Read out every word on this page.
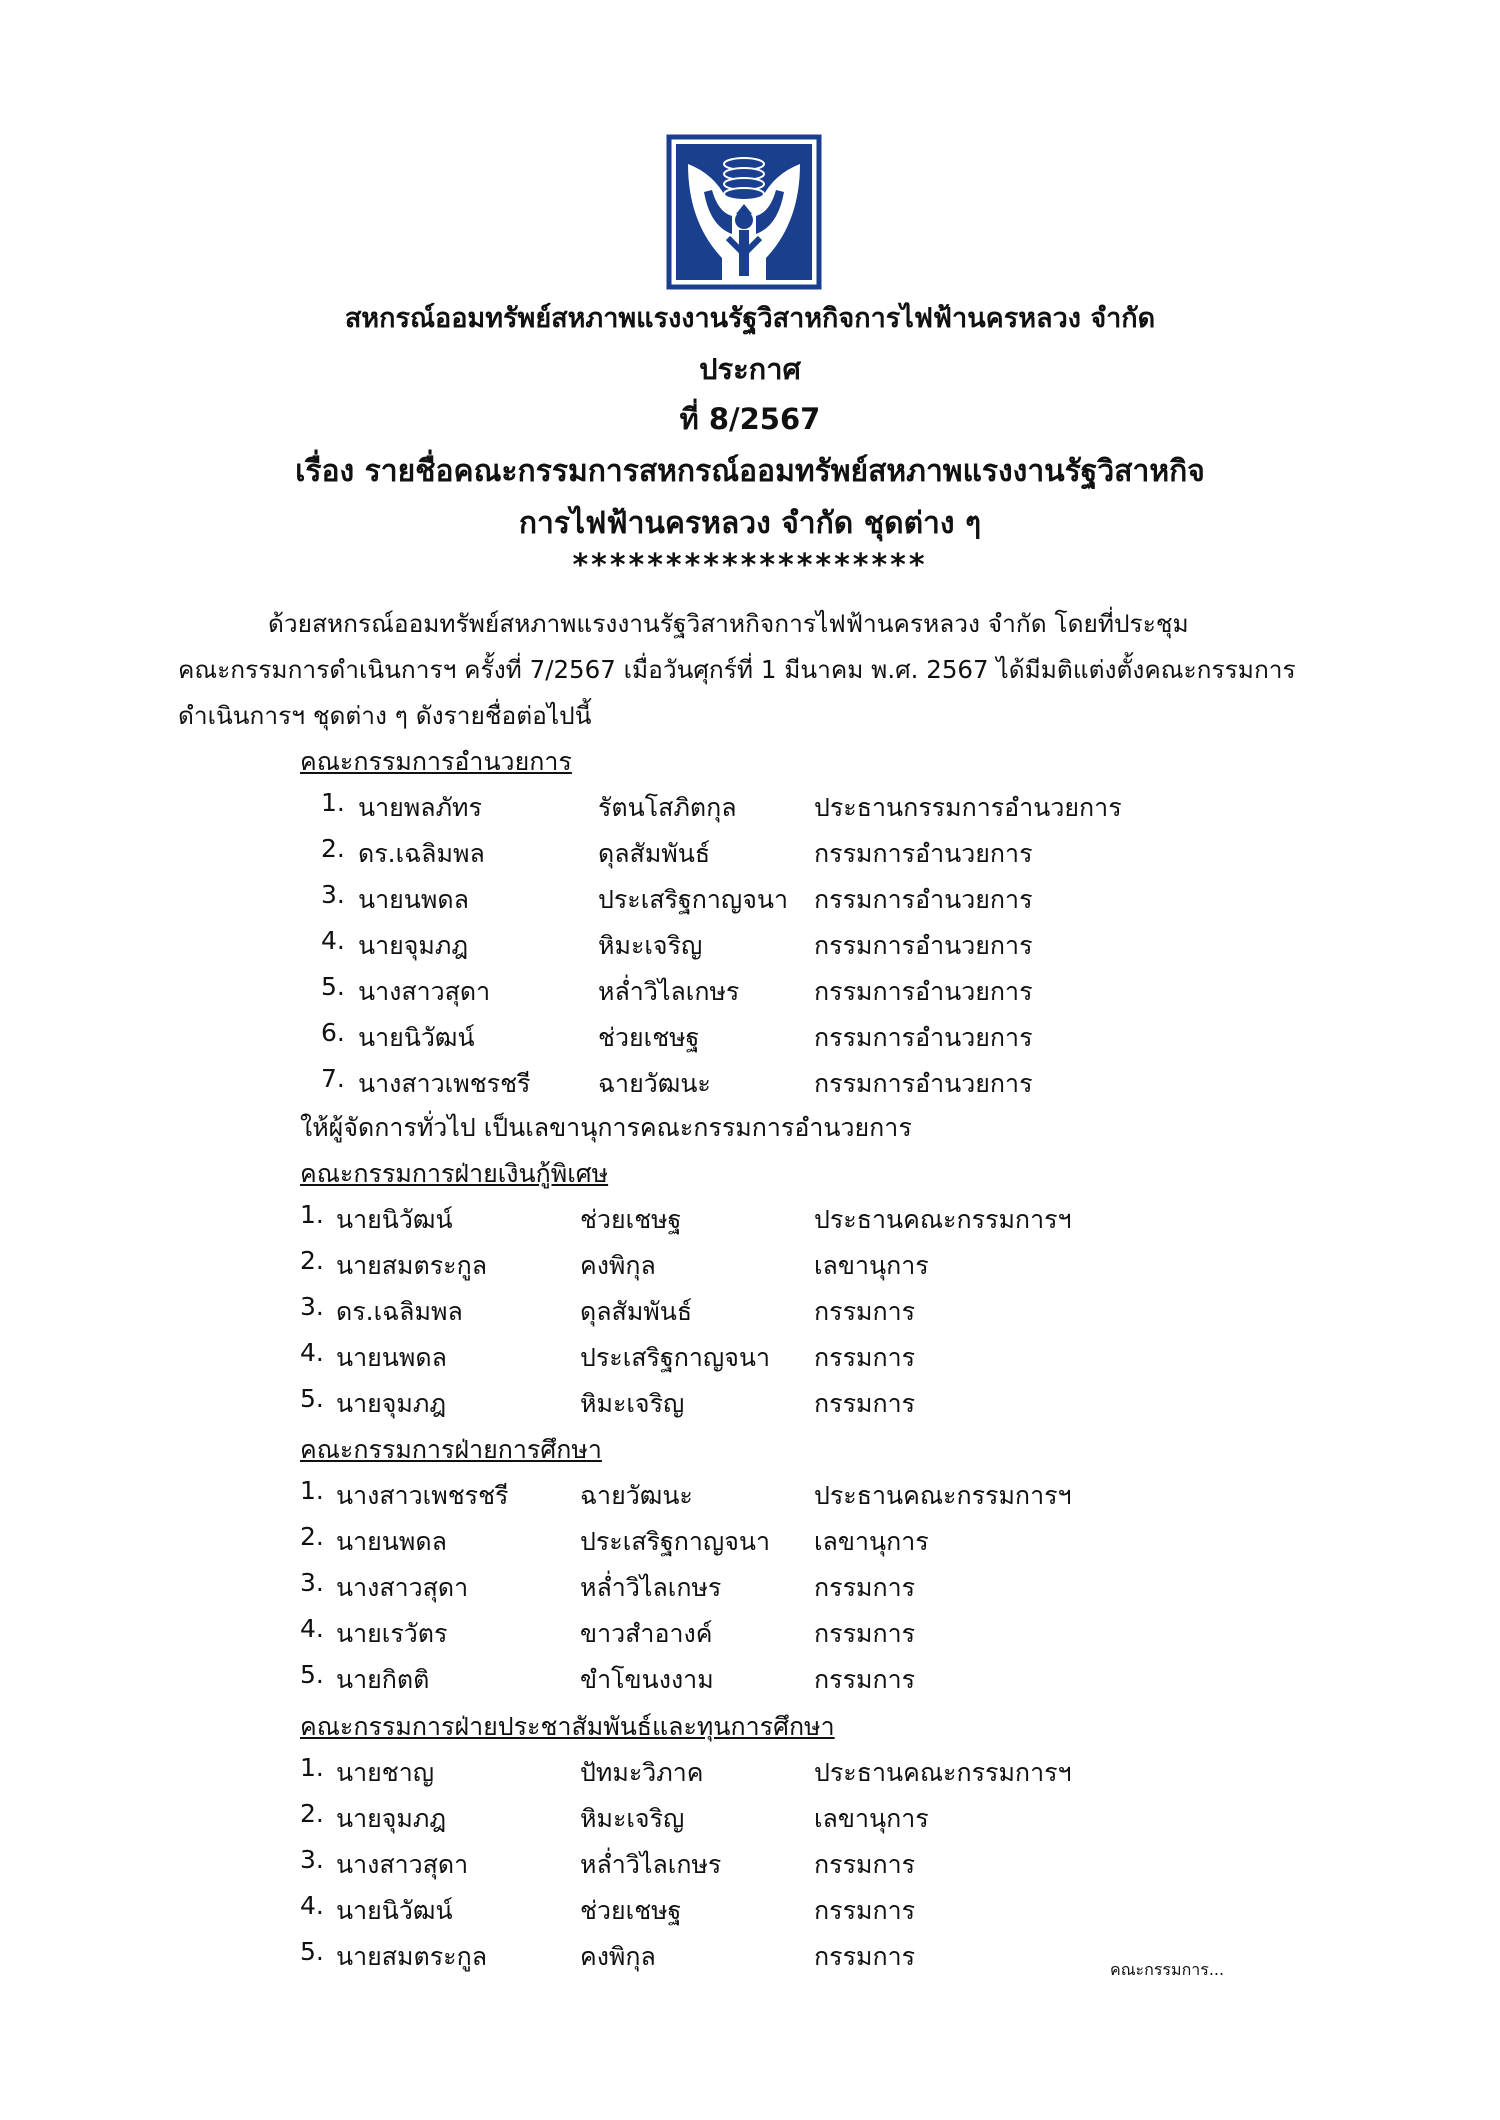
สหกรณ์ออมทรัพย์สหภาพแรงงานรัฐวิสาหกิจการไฟฟ้านครหลวง จำกัด
ประกาศ
ที่ 8/2567
เรื่อง รายชื่อคณะกรรมการสหกรณ์ออมทรัพย์สหภาพแรงงานรัฐวิสาหกิจ
การไฟฟ้านครหลวง จำกัด ชุดต่าง ๆ
*******************
ด้วยสหกรณ์ออมทรัพย์สหภาพแรงงานรัฐวิสาหกิจการไฟฟ้านครหลวง จำกัด โดยที่ประชุม
คณะกรรมการดำเนินการฯ ครั้งที่ 7/2567 เมื่อวันศุกร์ที่ 1 มีนาคม พ.ศ. 2567 ได้มีมติแต่งตั้งคณะกรรมการ
ดำเนินการฯ ชุดต่าง ๆ ดังรายชื่อต่อไปนี้
คณะกรรมการอำนวยการ
1. นายพลภัทร	รัตนโสภิตกุล	ประธานกรรมการอำนวยการ
2. ดร.เฉลิมพล	ดุลสัมพันธ์	กรรมการอำนวยการ
3. นายนพดล	ประเสริฐกาญจนา กรรมการอำนวยการ
4. นายจุมภฎ	หิมะเจริญ	กรรมการอำนวยการ
5. นางสาวสุดา	หล่ำวิไลเกษร	กรรมการอำนวยการ
6. นายนิวัฒน์	ช่วยเชษฐ	กรรมการอำนวยการ
7. นางสาวเพชรชรี	ฉายวัฒนะ	กรรมการอำนวยการ
คณะกรรมการฝ่ายเงินกู้พิเศษ
1. นายนิวัฒน์	ช่วยเชษฐ	ประธานคณะกรรมการฯ
2. นายสมตระกูล	คงพิกุล	เลขานุการ
3. ดร.เฉลิมพล	ดุลสัมพันธ์	กรรมการ
4. นายนพดล	ประเสริฐกาญจนา กรรมการ
5. นายจุมภฎ	หิมะเจริญ	กรรมการ
คณะกรรมการฝ่ายการศึกษา
1. นางสาวเพชรชรี	ฉายวัฒนะ	ประธานคณะกรรมการฯ
2. นายนพดล	ประเสริฐกาญจนา เลขานุการ
3. นางสาวสุดา	หล่ำวิไลเกษร	กรรมการ
4. นายเรวัตร	ขาวสำอางค์	กรรมการ
5. นายกิตติ	ขำโขนงงาม	กรรมการ
คณะกรรมการฝ่ายประชาสัมพันธ์และทุนการศึกษา
1. นายชาญ	ปัทมะวิภาค	ประธานคณะกรรมการฯ
2. นายจุมภฎ	หิมะเจริญ	เลขานุการ
3. นางสาวสุดา	หล่ำวิไลเกษร	กรรมการ
4. นายนิวัฒน์	ช่วยเชษฐ	กรรมการ
5. นายสมตระกูล	คงพิกุล	กรรมการ
ให้ผู้จัดการทั่วไป เป็นเลขานุการคณะกรรมการอำนวยการ
คณะกรรมการ...
